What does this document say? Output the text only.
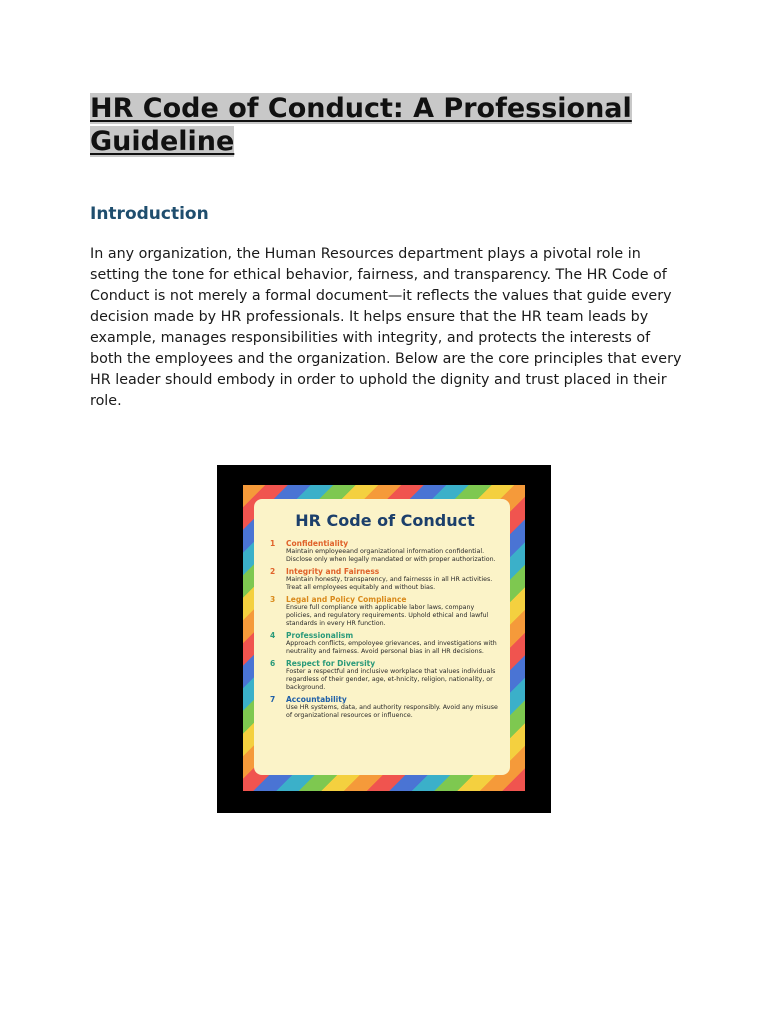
HR Code of Conduct: A Professional Guideline
Introduction

In any organization, the Human Resources department plays a pivotal role in setting the tone for ethical behavior, fairness, and transparency. The HR Code of Conduct is not merely a formal document—it reflects the values that guide every decision made by HR professionals. It helps ensure that the HR team leads by example, manages responsibilities with integrity, and protects the interests of both the employees and the organization. Below are the core principles that every HR leader should embody in order to uphold the dignity and trust placed in their role.

HR Code of Conduct
1	Confidentiality
Maintain employeeand organizational information confidential. Disclose only when legally mandated or with proper authorization.
2	Integrity and Fairness
Maintain honesty, transparency, and fairnesss in all HR activities. Treat all employees equitably and without bias.
3	Legal and Policy Compliance
Ensure full compliance with applicable labor laws, company policies, and regulatory requirements. Uphold ethical and lawful standards in every HR function.
4	Professionalism
Approach conflicts, empoloyee grievances, and investigations with neutrality and fairness. Avoid personal bias in all HR decisions.
6	Respect for Diversity
Foster a respectful and inclusive workplace that values individuals regardless of their gender, age, et-hnicity, religion, nationality, or background.
7	Accountability
Use HR systems, data, and authority responsibly. Avoid any misuse of organizational resources or influence.
